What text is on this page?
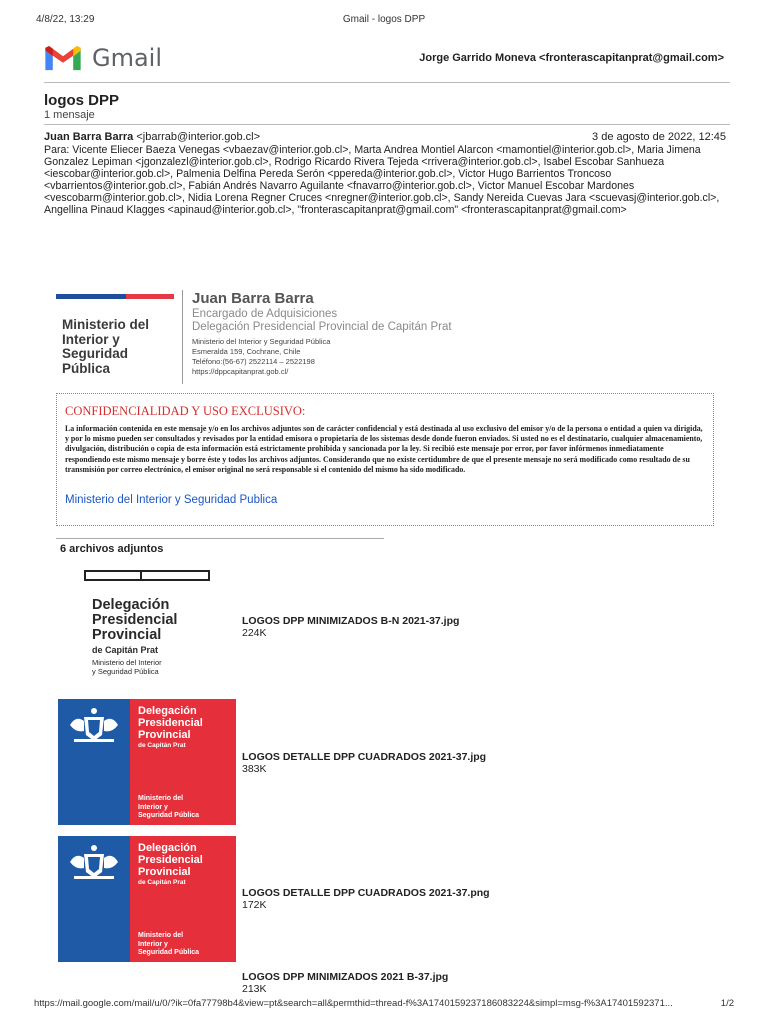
4/8/22, 13:29	Gmail - logos DPP
Gmail	Jorge Garrido Moneva <fronterascapitanprat@gmail.com>
logos DPP
1 mensaje
Juan Barra Barra <jbarrab@interior.gob.cl>	3 de agosto de 2022, 12:45
Para: Vicente Eliecer Baeza Venegas <vbaezav@interior.gob.cl>, Marta Andrea Montiel Alarcon <mamontiel@interior.gob.cl>, Maria Jimena Gonzalez Lepiman <jgonzalezl@interior.gob.cl>, Rodrigo Ricardo Rivera Tejeda <rrivera@interior.gob.cl>, Isabel Escobar Sanhueza <iescobar@interior.gob.cl>, Palmenia Delfina Pereda Serón <ppereda@interior.gob.cl>, Victor Hugo Barrientos Troncoso <vbarrientos@interior.gob.cl>, Fabián Andrés Navarro Aguilante <fnavarro@interior.gob.cl>, Victor Manuel Escobar Mardones <vescobarm@interior.gob.cl>, Nidia Lorena Regner Cruces <nregner@interior.gob.cl>, Sandy Nereida Cuevas Jara <scuevasj@interior.gob.cl>, Angellina Pinaud Klagges <apinaud@interior.gob.cl>, "fronterascapitanprat@gmail.com" <fronterascapitanprat@gmail.com>
Ministerio del
Interior y
Seguridad
Pública
Juan Barra Barra
Encargado de Adquisiciones
Delegación Presidencial Provincial de Capitán Prat
Ministerio del Interior y Seguridad Pública
Esmeralda 159, Cochrane, Chile
Teléfono:(56-67) 2522114 – 2522198
https://dppcapitanprat.gob.cl/
CONFIDENCIALIDAD Y USO EXCLUSIVO:
La información contenida en este mensaje y/o en los archivos adjuntos son de carácter confidencial y está destinada al uso exclusivo del emisor y/o de la persona o entidad a quien va dirigida, y por lo mismo pueden ser consultados y revisados por la entidad emisora o propietaria de los sistemas desde donde fueron enviados. Si usted no es el destinatario, cualquier almacenamiento, divulgación, distribución o copia de esta información está estrictamente prohibida y sancionada por la ley. Si recibió este mensaje por error, por favor infórmenos inmediatamente respondiendo este mismo mensaje y borre éste y todos los archivos adjuntos. Considerando que no existe certidumbre de que el presente mensaje no será modificado como resultado de su transmisión por correo electrónico, el emisor original no será responsable si el contenido del mismo ha sido modificado.
Ministerio del Interior y Seguridad Publica
6 archivos adjuntos
Delegación
Presidencial
Provincial
de Capitán Prat
Ministerio del Interior
y Seguridad Pública
LOGOS DPP MINIMIZADOS B-N 2021-37.jpg
224K
Delegación
Presidencial
Provincial
de Capitán Prat
Ministerio del
Interior y
Seguridad Pública
LOGOS DETALLE DPP CUADRADOS 2021-37.jpg
383K
Delegación
Presidencial
Provincial
de Capitán Prat
Ministerio del
Interior y
Seguridad Pública
LOGOS DETALLE DPP CUADRADOS 2021-37.png
172K
LOGOS DPP MINIMIZADOS 2021 B-37.jpg
213K
https://mail.google.com/mail/u/0/?ik=0fa77798b4&view=pt&search=all&permthid=thread-f%3A1740159237186083224&simpl=msg-f%3A17401592371...	1/2
